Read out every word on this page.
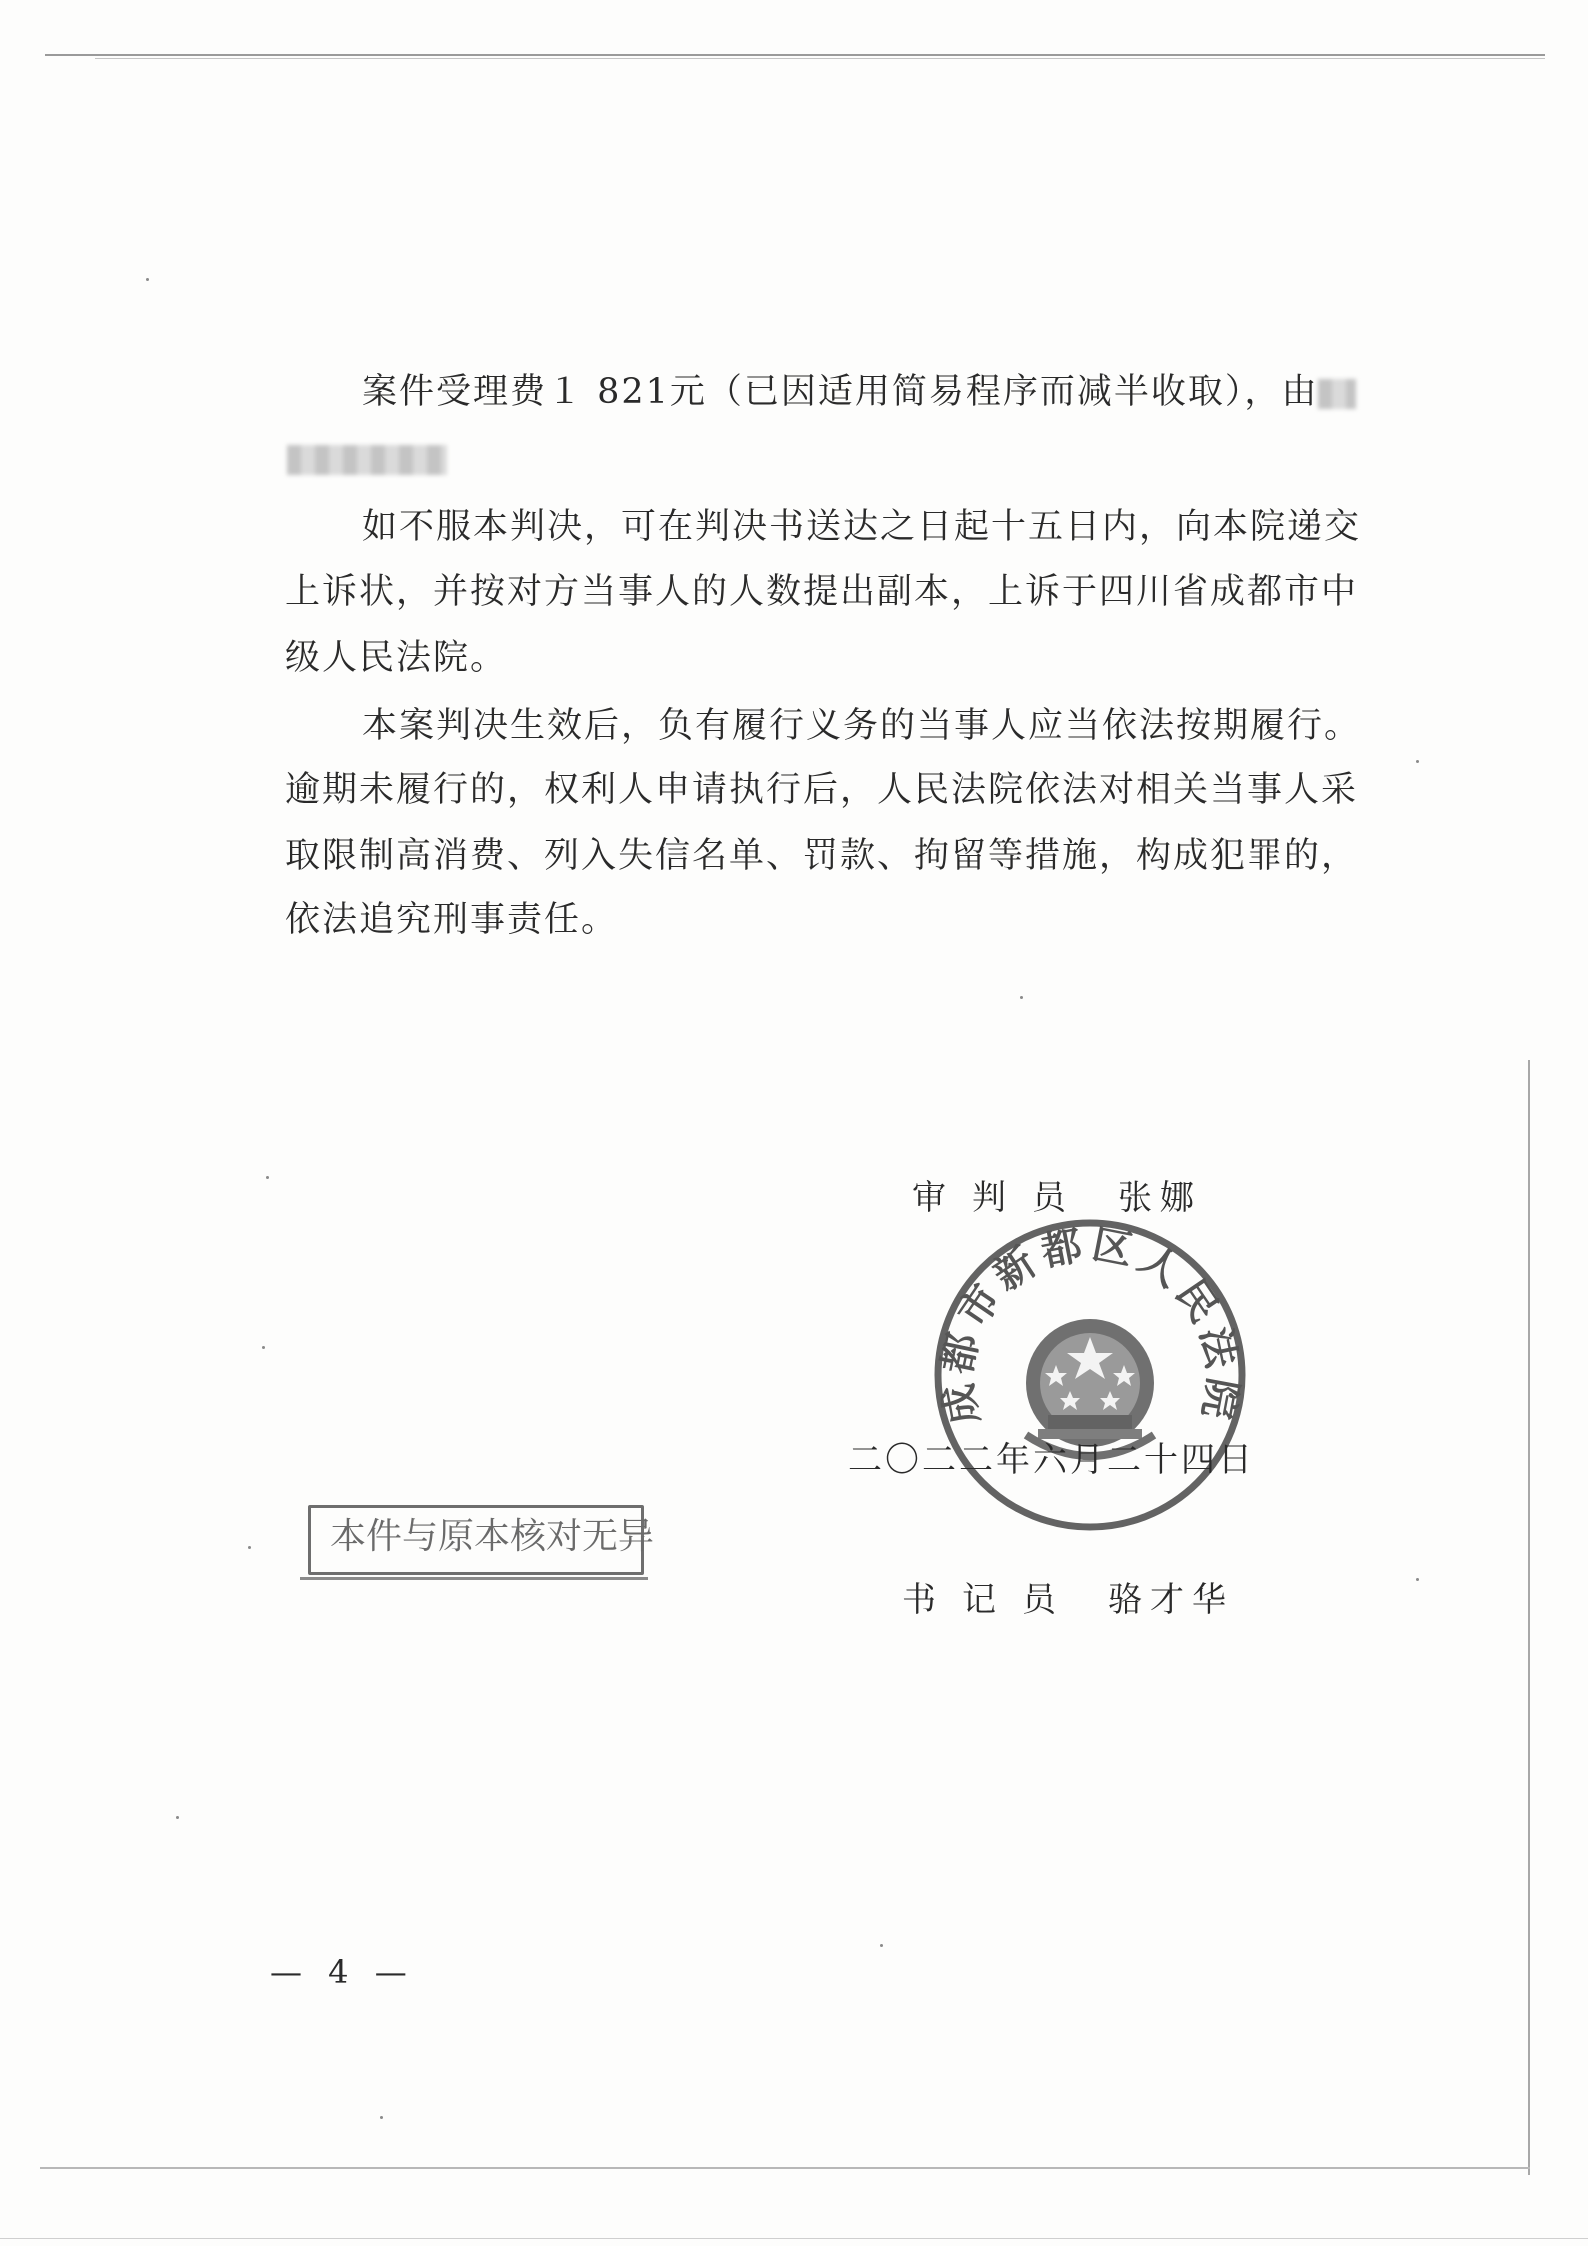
案件受理费１ 821元（已因适用简易程序而减半收取），由
如不服本判决，可在判决书送达之日起十五日内，向本院递交
上诉状，并按对方当事人的人数提出副本，上诉于四川省成都市中
级人民法院。
本案判决生效后，负有履行义务的当事人应当依法按期履行。
逾期未履行的，权利人申请执行后，人民法院依法对相关当事人采
取限制高消费、列入失信名单、罚款、拘留等措施，构成犯罪的，
依法追究刑事责任。
审判员 张娜
成都市新都区人民法院
二〇二二年六月二十四日
本件与原本核对无异
书记员 骆才华
— 4 —
